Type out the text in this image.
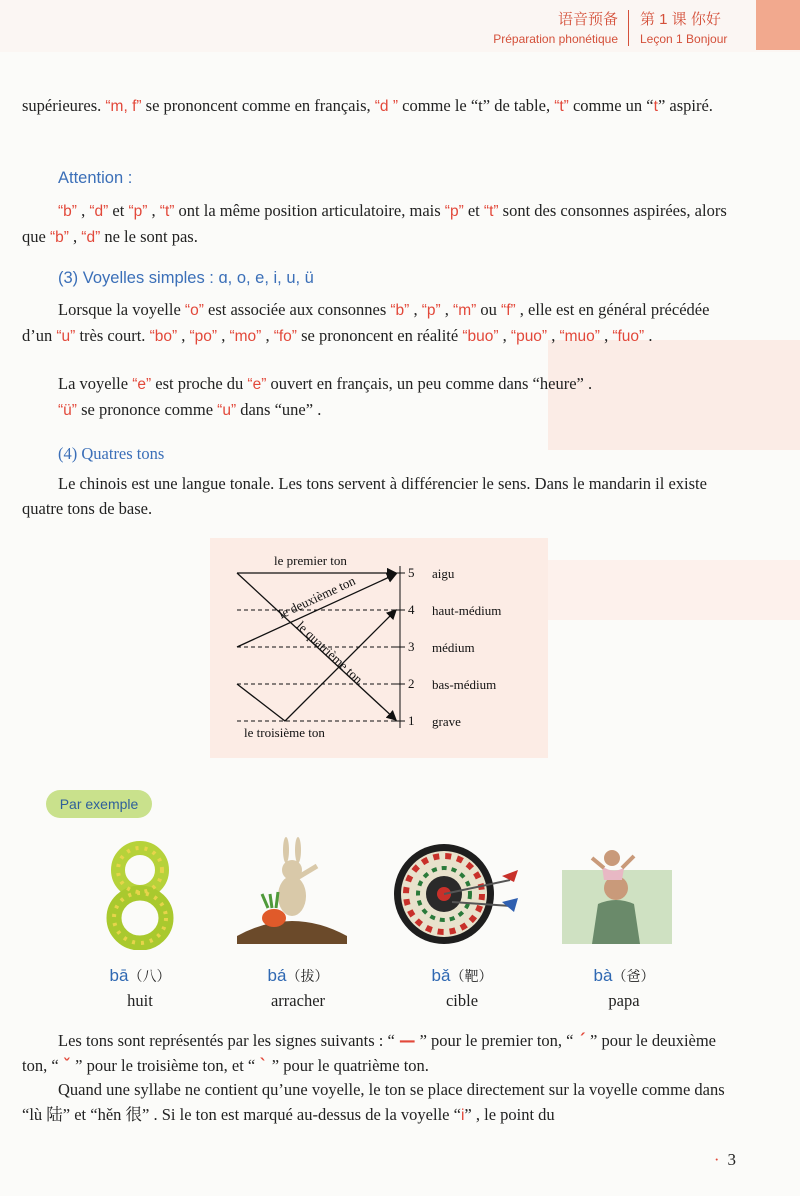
语音预备
Préparation phonétique
第 1 课 你好
Leçon 1 Bonjour
supérieures. “m, f” se prononcent comme en français, “d ” comme le “t” de table, “t” comme un “t” aspiré.
Attention :
“b” , “d” et “p” , “t” ont la même position articulatoire, mais “p” et “t” sont des consonnes aspirées, alors que “b” , “d” ne le sont pas.
(3) Voyelles simples : ɑ, o, e, i, u, ü
Lorsque la voyelle “o” est associée aux consonnes “b” , “p” , “m” ou “f” , elle est en général précédée d’un “u” très court. “bo” , “po” , “mo” , “fo” se prononcent en réalité “buo” , “puo” , “muo” , “fuo” .
La voyelle “e” est proche du “e” ouvert en français, un peu comme dans “heure” .
“ü” se prononce comme “u” dans “une” .
(4) Quatres tons
Le chinois est une langue tonale. Les tons servent à différencier le sens. Dans le mandarin il existe quatre tons de base.
le premier ton
le deuxième ton
le quatrième ton
le troisième ton
5 aigu
4 haut-médium
3 médium
2 bas-médium
1 grave
Par exemple
bā（八）
huit
bá（拔）
arracher
bǎ（靶）
cible
bà（爸）
papa
Les tons sont représentés par les signes suivants : “ — ” pour le premier ton, “ ˊ ” pour le deuxième ton, “ ˇ ” pour le troisième ton, et “ ˋ ” pour le quatrième ton.
Quand une syllabe ne contient qu’une voyelle, le ton se place directement sur la voyelle comme dans “lù 陆” et “hěn 很” . Si le ton est marqué au-dessus de la voyelle “i” , le point du
· 3
